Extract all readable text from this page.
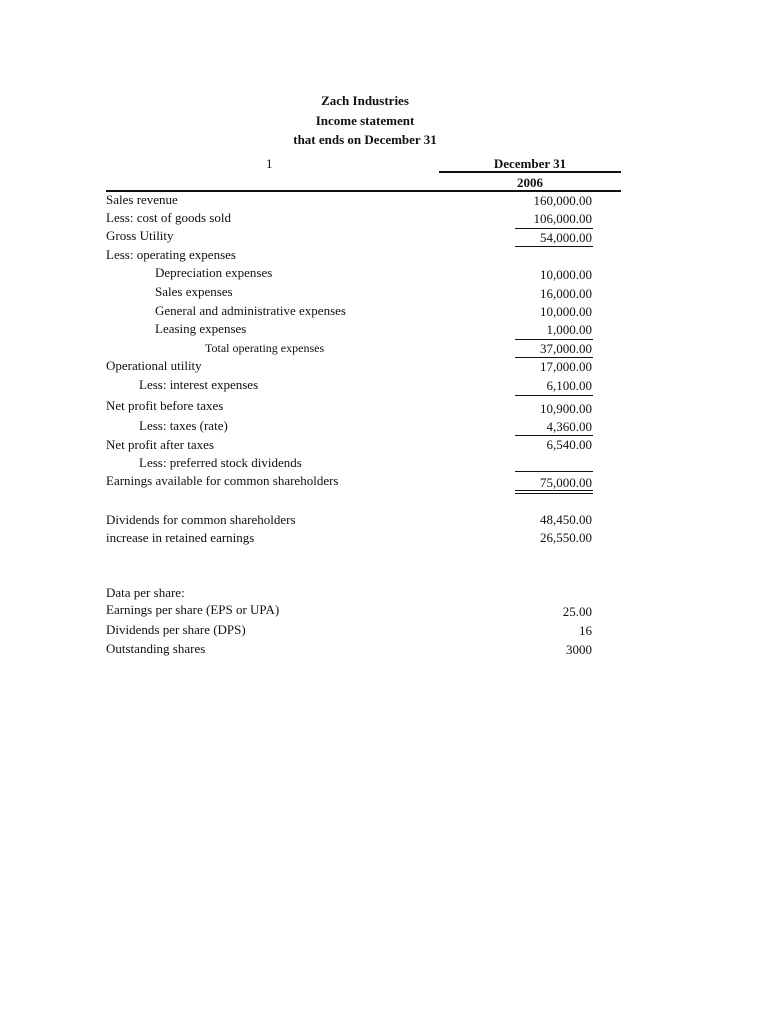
Zach Industries
Income statement
that ends on December 31
1	December 31
2006
Sales revenue	160,000.00
Less: cost of goods sold	106,000.00
Gross Utility	54,000.00
Less: operating expenses
Depreciation expenses	10,000.00
Sales expenses	16,000.00
General and administrative expenses	10,000.00
Leasing expenses	1,000.00
Total operating expenses	37,000.00
Operational utility	17,000.00
Less: interest expenses	6,100.00
Net profit before taxes	10,900.00
Less: taxes (rate)	4,360.00
Net profit after taxes	6,540.00
Less: preferred stock dividends
Earnings available for common shareholders	75,000.00
Dividends for common shareholders	48,450.00
increase in retained earnings	26,550.00
Data per share:
Earnings per share (EPS or UPA)	25.00
Dividends per share (DPS)	16
Outstanding shares	3000
